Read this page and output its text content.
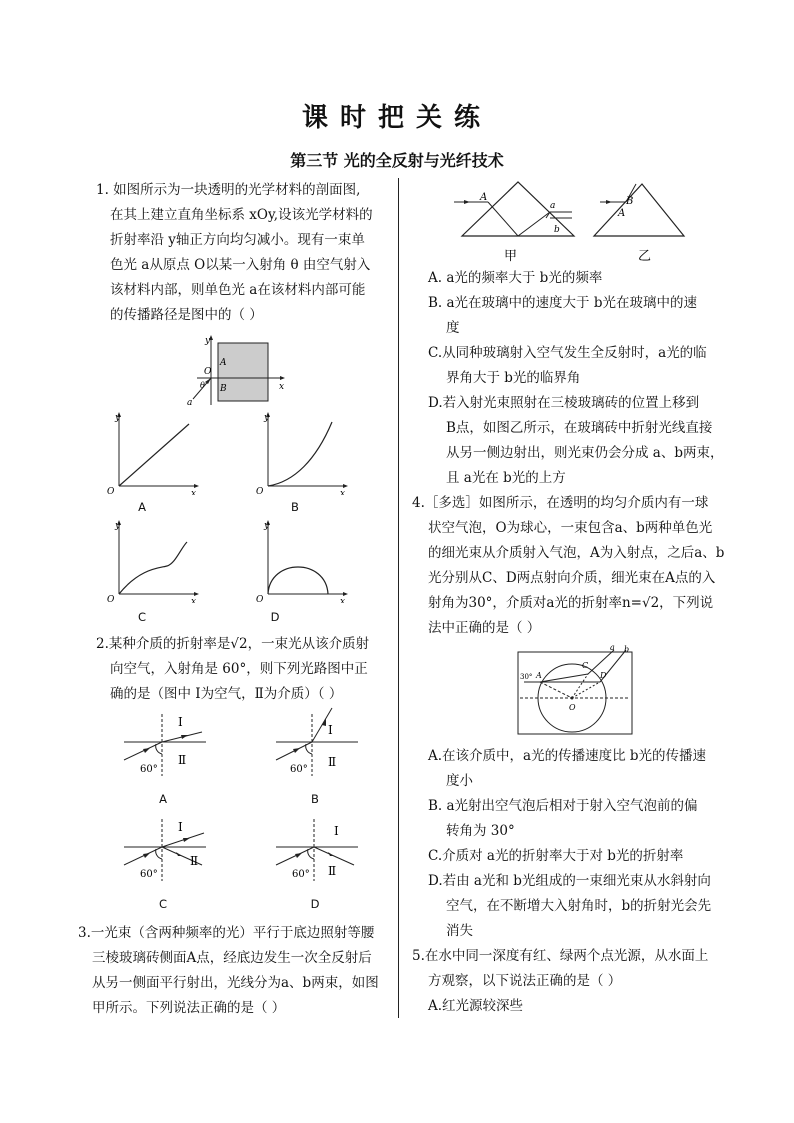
课时把关练
第三节 光的全反射与光纤技术
1. 如图所示为一块透明的光学材料的剖面图,
在其上建立直角坐标系 xOy,设该光学材料的
折射率沿 y轴正方向均匀减小。现有一束单
色光 a从原点 O以某一入射角 θ 由空气射入
该材料内部，则单色光 a在该材料内部可能
的传播路径是图中的（ ）
y
x
O
A
B
θ
a
y
x
O
A
y
x
O
B
y
x
O
C
y
x
O
D
2.某种介质的折射率是√2，一束光从该介质射
向空气，入射角是 60°，则下列光路图中正
确的是（图中 Ⅰ为空气，Ⅱ为介质）（ ）
Ⅰ
Ⅱ
60°
A
Ⅰ
Ⅱ
60°
B
Ⅰ
Ⅱ
60°
C
Ⅰ
Ⅱ
60°
D
3.一光束（含两种频率的光）平行于底边照射等腰
三棱玻璃砖侧面A点，经底边发生一次全反射后
从另一侧面平行射出，光线分为a、b两束，如图
甲所示。下列说法正确的是（ ）
A
a
b
甲
B
A
乙
A. a光的频率大于 b光的频率
B. a光在玻璃中的速度大于 b光在玻璃中的速
度
C.从同种玻璃射入空气发生全反射时，a光的临
界角大于 b光的临界角
D.若入射光束照射在三棱玻璃砖的位置上移到
B点，如图乙所示，在玻璃砖中折射光线直接
从另一侧边射出，则光束仍会分成 a、b两束，
且 a光在 b光的上方
4.［多选］如图所示，在透明的均匀介质内有一球
状空气泡，O为球心，一束包含a、b两种单色光
的细光束从介质射入气泡，A为入射点，之后a、b
光分别从C、D两点射向介质，细光束在A点的入
射角为30°，介质对a光的折射率n=√2，下列说
法中正确的是（ ）
30° A
C
D
O
a b
A.在该介质中，a光的传播速度比 b光的传播速
度小
B. a光射出空气泡后相对于射入空气泡前的偏
转角为 30°
C.介质对 a光的折射率大于对 b光的折射率
D.若由 a光和 b光组成的一束细光束从水斜射向
空气，在不断增大入射角时，b的折射光会先
消失
5.在水中同一深度有红、绿两个点光源，从水面上
方观察，以下说法正确的是（ ）
A.红光源较深些
